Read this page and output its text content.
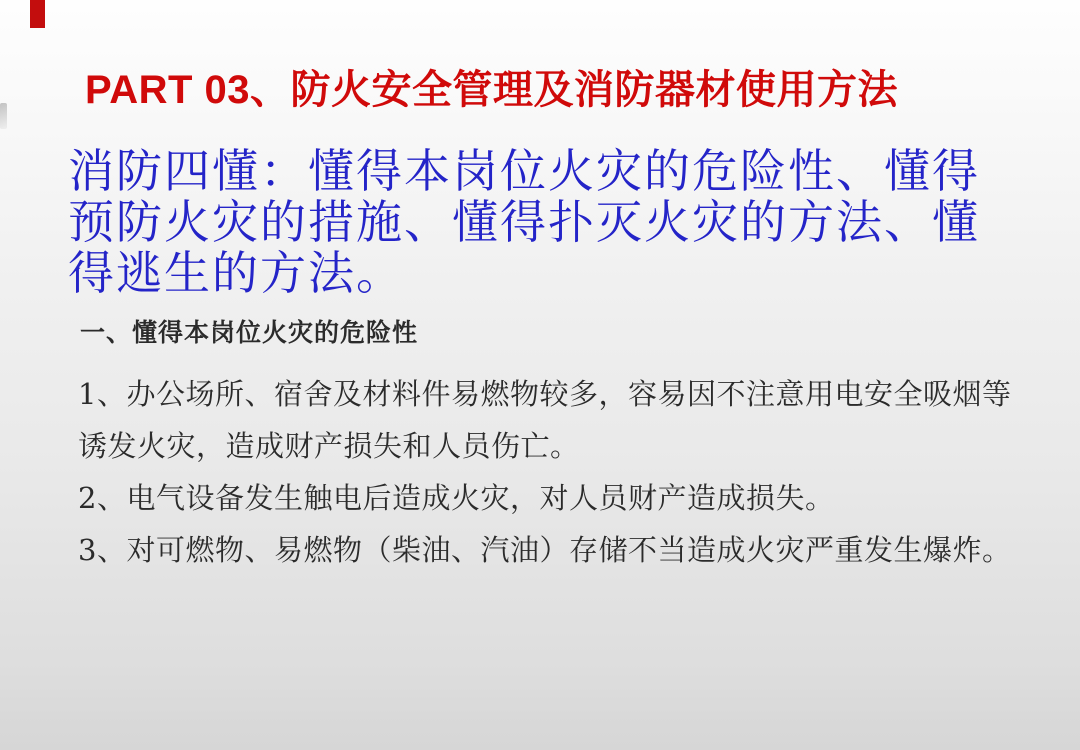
PART 03、防火安全管理及消防器材使用方法
消防四懂：懂得本岗位火灾的危险性、懂得
预防火灾的措施、懂得扑灭火灾的方法、懂
得逃生的方法。
一、懂得本岗位火灾的危险性
1、办公场所、宿舍及材料件易燃物较多，容易因不注意用电安全吸烟等
诱发火灾，造成财产损失和人员伤亡。
2、电气设备发生触电后造成火灾，对人员财产造成损失。
3、对可燃物、易燃物（柴油、汽油）存储不当造成火灾严重发生爆炸。
